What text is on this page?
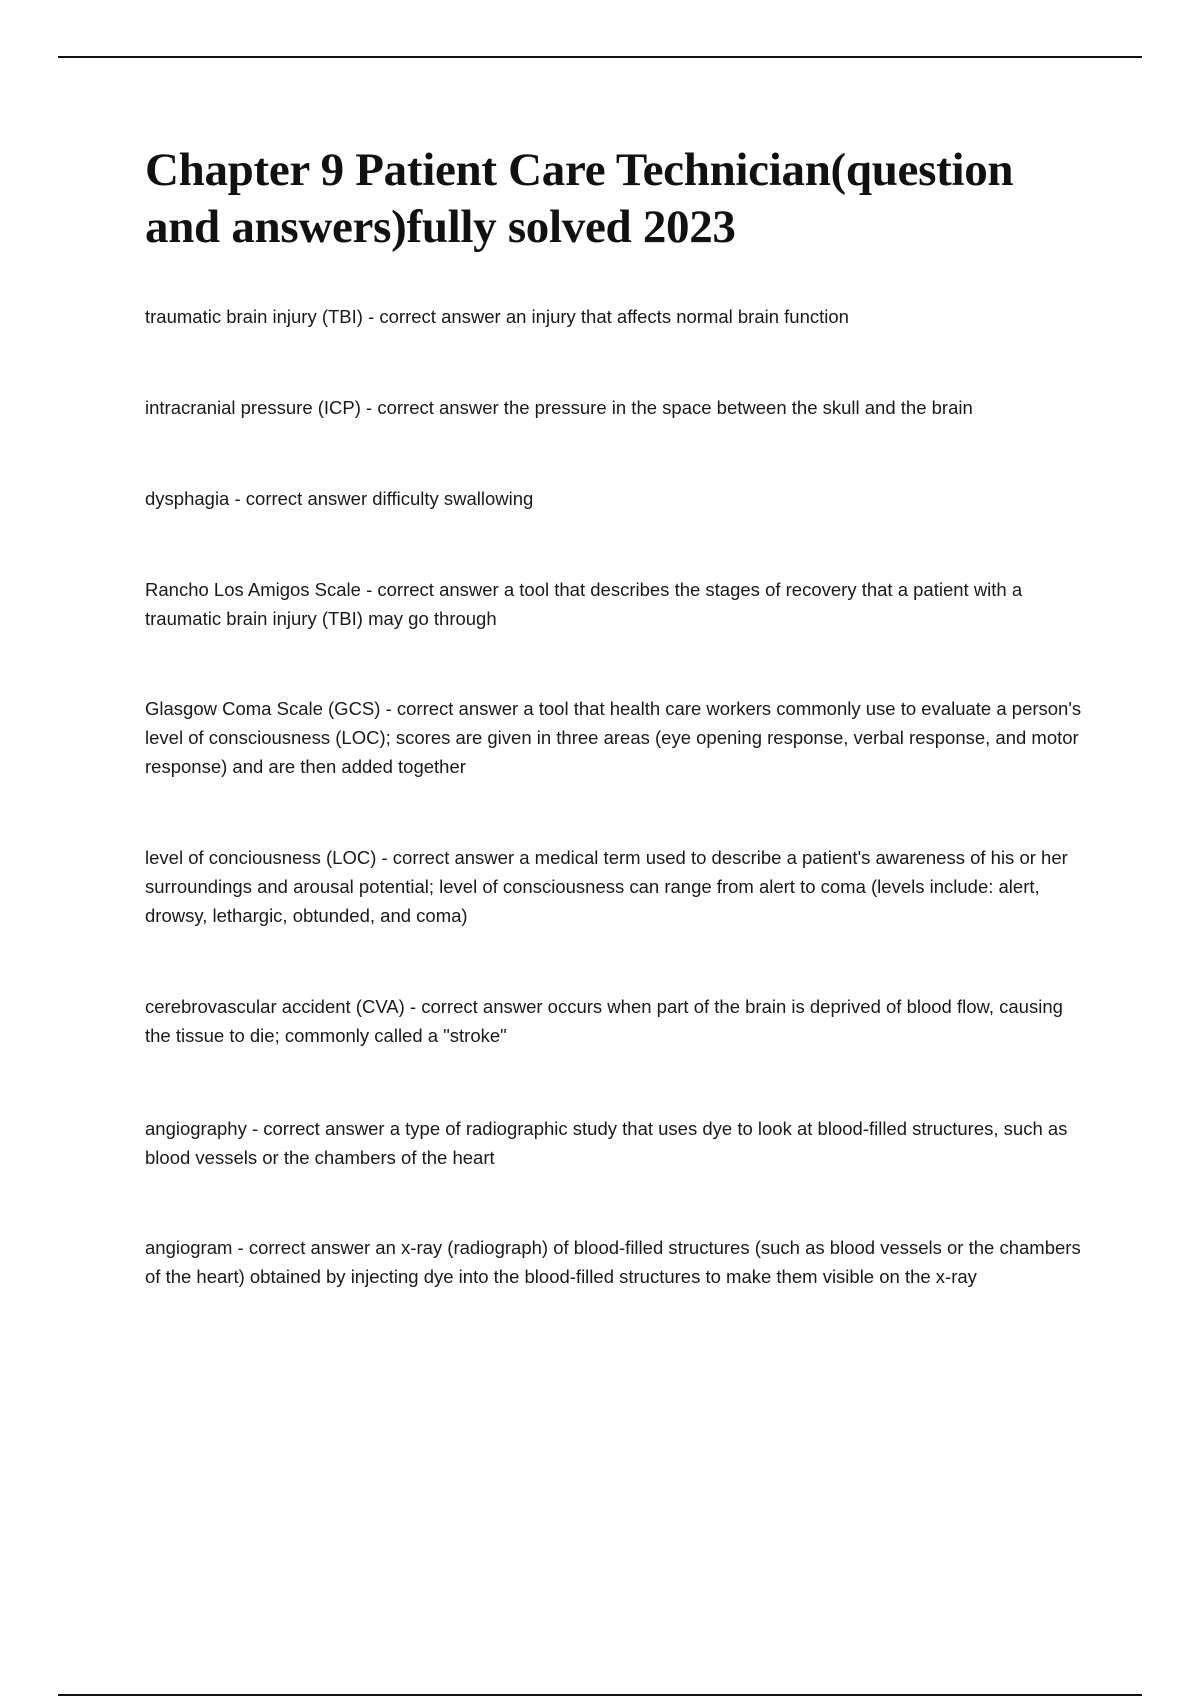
Chapter 9 Patient Care Technician(question and answers)fully solved 2023
traumatic brain injury (TBI) - correct answer an injury that affects normal brain function
intracranial pressure (ICP) - correct answer the pressure in the space between the skull and the brain
dysphagia - correct answer difficulty swallowing
Rancho Los Amigos Scale - correct answer a tool that describes the stages of recovery that a patient with a traumatic brain injury (TBI) may go through
Glasgow Coma Scale (GCS) - correct answer a tool that health care workers commonly use to evaluate a person's level of consciousness (LOC); scores are given in three areas (eye opening response, verbal response, and motor response) and are then added together
level of conciousness (LOC) - correct answer a medical term used to describe a patient's awareness of his or her surroundings and arousal potential; level of consciousness can range from alert to coma (levels include: alert, drowsy, lethargic, obtunded, and coma)
cerebrovascular accident (CVA) - correct answer occurs when part of the brain is deprived of blood flow, causing the tissue to die; commonly called a "stroke"
angiography - correct answer a type of radiographic study that uses dye to look at blood-filled structures, such as blood vessels or the chambers of the heart
angiogram - correct answer an x-ray (radiograph) of blood-filled structures (such as blood vessels or the chambers of the heart) obtained by injecting dye into the blood-filled structures to make them visible on the x-ray
